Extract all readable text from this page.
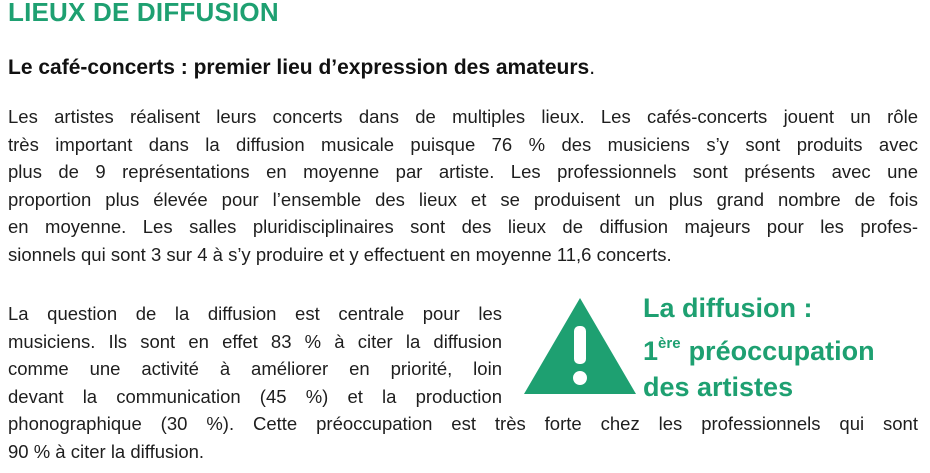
LIEUX DE DIFFUSION
Le café-concerts : premier lieu d’expression des amateurs.

Les artistes réalisent leurs concerts dans de multiples lieux. Les cafés-concerts jouent un rôle
très important dans la diffusion musicale puisque 76 % des musiciens s’y sont produits avec
plus de 9 représentations en moyenne par artiste. Les professionnels sont présents avec une
proportion plus élevée pour l’ensemble des lieux et se produisent un plus grand nombre de fois
en moyenne. Les salles pluridisciplinaires sont des lieux de diffusion majeurs pour les profes-
sionnels qui sont 3 sur 4 à s’y produire et y effectuent en moyenne 11,6 concerts.

La question de la diffusion est centrale pour les
musiciens. Ils sont en effet 83 % à citer la diffusion
comme une activité à améliorer en priorité, loin
devant la communication (45 %) et la production

La diffusion :
1ère préoccupation
des artistes

phonographique (30 %). Cette préoccupation est très forte chez les professionnels qui sont
90 % à citer la diffusion.
